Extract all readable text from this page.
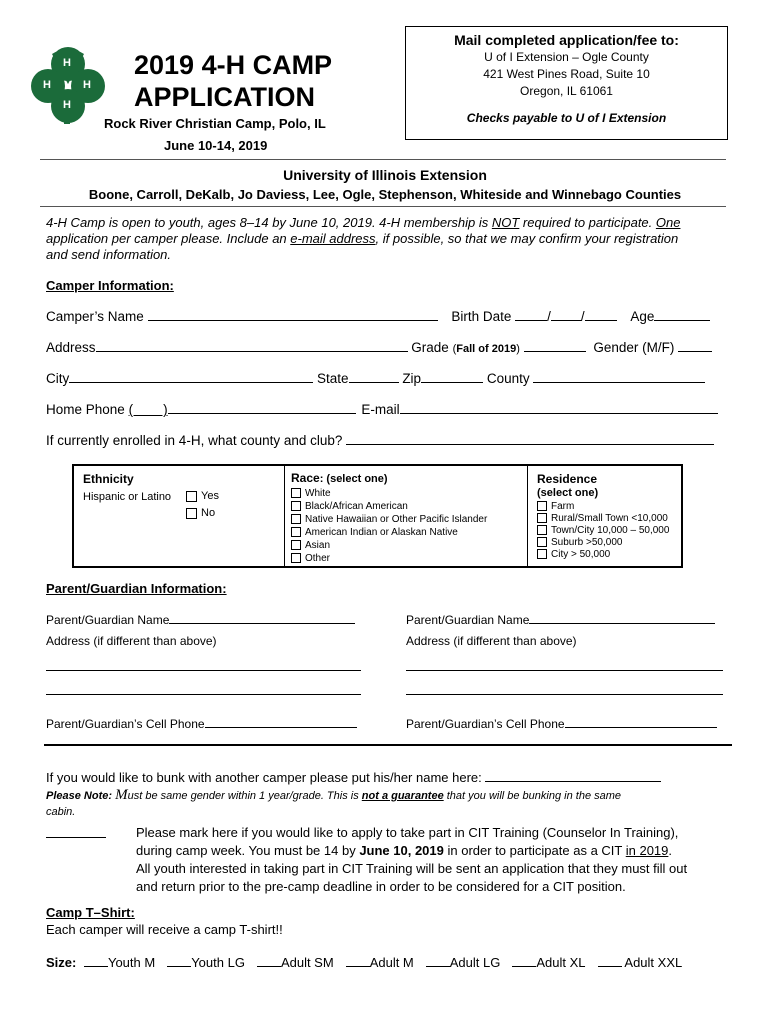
H
H
H
H
2019 4-H CAMP
APPLICATION
Rock River Christian Camp, Polo, IL
June 10-14, 2019
Mail completed application/fee to:
U of I Extension – Ogle County
421 West Pines Road, Suite 10
Oregon, IL 61061
Checks payable to U of I Extension
University of Illinois Extension
Boone, Carroll, DeKalb, Jo Daviess, Lee, Ogle, Stephenson, Whiteside and Winnebago Counties
4-H Camp is open to youth, ages 8–14 by June 10, 2019. 4-H membership is NOT required to participate. One
application per camper please. Include an e-mail address, if possible, so that we may confirm your registration
and send information.
Camper Information:
Camper’s Name	Birth Date	/ /	Age
Address	Grade (Fall of 2019)	Gender (M/F)
City	State	Zip	County
Home Phone (        )	E-mail
If currently enrolled in 4-H, what county and club?
Ethnicity
Hispanic or Latino	Yes
No
Race: (select one)
White
Black/African American
Native Hawaiian or Other Pacific Islander
American Indian or Alaskan Native
Asian
Other
Residence
(select one)
Farm
Rural/Small Town <10,000
Town/City 10,000 – 50,000
Suburb >50,000
City > 50,000
Parent/Guardian Information:
Parent/Guardian Name	Parent/Guardian Name
Address (if different than above)	Address (if different than above)
Parent/Guardian’s Cell Phone	Parent/Guardian’s Cell Phone
If you would like to bunk with another camper please put his/her name here:
Please Note: Must be same gender within 1 year/grade. This is not a guarantee that you will be bunking in the same
cabin.
Please mark here if you would like to apply to take part in CIT Training (Counselor In Training),
during camp week. You must be 14 by June 10, 2019 in order to participate as a CIT in 2019.
All youth interested in taking part in CIT Training will be sent an application that they must fill out
and return prior to the pre-camp deadline in order to be considered for a CIT position.
Camp T–Shirt:
Each camper will receive a camp T-shirt!!
Size: Youth M	Youth LG	Adult SM	Adult M	Adult LG	Adult XL	Adult XXL
